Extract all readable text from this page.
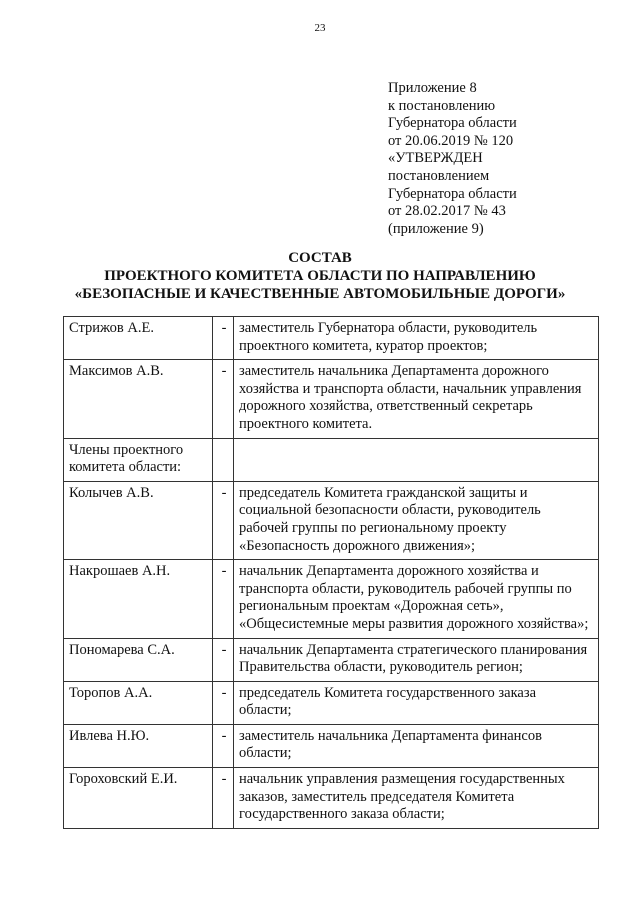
23
Приложение 8
к постановлению
Губернатора области
от 20.06.2019 № 120
«УТВЕРЖДЕН
постановлением
Губернатора области
от 28.02.2017 № 43
(приложение 9)
СОСТАВ
ПРОЕКТНОГО КОМИТЕТА ОБЛАСТИ ПО НАПРАВЛЕНИЮ
«БЕЗОПАСНЫЕ И КАЧЕСТВЕННЫЕ АВТОМОБИЛЬНЫЕ ДОРОГИ»
Стрижов А.Е.	-	заместитель Губернатора области, руководитель
проектного комитета, куратор проектов;

Максимов А.В.	-	заместитель начальника Департамента дорожного
хозяйства и транспорта области, начальник управления
дорожного хозяйства, ответственный секретарь
проектного комитета.

Члены проектного комитета области:		
Колычев А.В.	-	председатель Комитета гражданской защиты и
социальной безопасности области, руководитель
рабочей группы по региональному проекту
«Безопасность дорожного движения»;

Накрошаев А.Н.	-	начальник Департамента дорожного хозяйства и
транспорта области, руководитель рабочей группы по
региональным проектам «Дорожная сеть»,
«Общесистемные меры развития дорожного хозяйства»;

Пономарева С.А.	-	начальник Департамента стратегического планирования
Правительства области, руководитель регион;

Торопов А.А.	-	председатель Комитета государственного заказа
области;

Ивлева Н.Ю.	-	заместитель начальника Департамента финансов
области;

Гороховский Е.И.	-	начальник управления размещения государственных
заказов, заместитель председателя Комитета
государственного заказа области;
